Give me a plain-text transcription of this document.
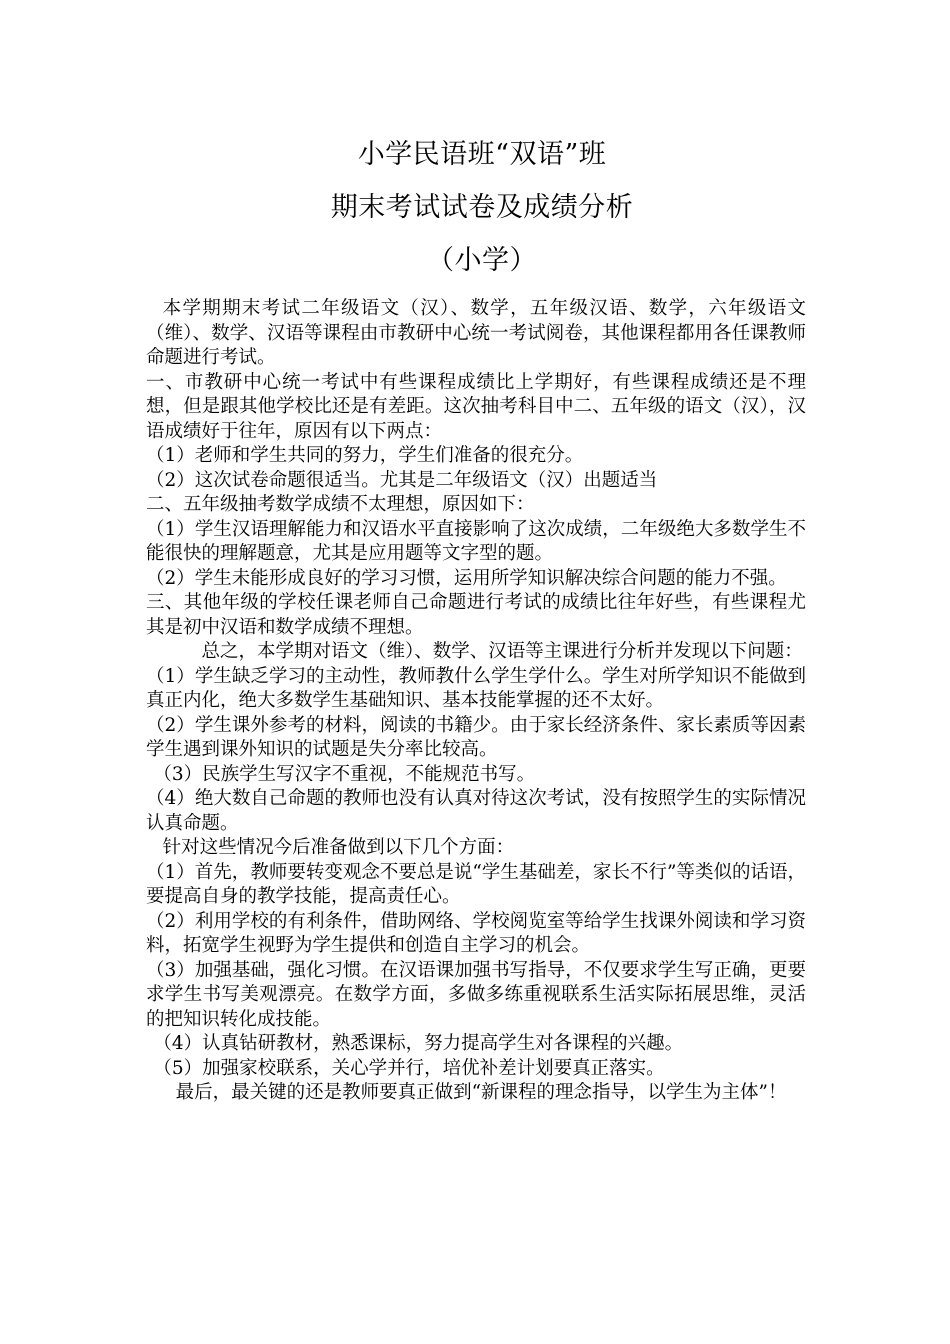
小学民语班“双语”班
期末考试试卷及成绩分析
（小学）

本学期期末考试二年级语文（汉）、数学，五年级汉语、数学，六年级语文（维）、数学、汉语等课程由市教研中心统一考试阅卷，其他课程都用各任课教师命题进行考试。

一、市教研中心统一考试中有些课程成绩比上学期好，有些课程成绩还是不理想，但是跟其他学校比还是有差距。这次抽考科目中二、五年级的语文（汉），汉语成绩好于往年，原因有以下两点：

（1）老师和学生共同的努力，学生们准备的很充分。

（2）这次试卷命题很适当。尤其是二年级语文（汉）出题适当

二、五年级抽考数学成绩不太理想，原因如下：

（1）学生汉语理解能力和汉语水平直接影响了这次成绩，二年级绝大多数学生不能很快的理解题意，尤其是应用题等文字型的题。

（2）学生未能形成良好的学习习惯，运用所学知识解决综合问题的能力不强。

三、其他年级的学校任课老师自己命题进行考试的成绩比往年好些，有些课程尤其是初中汉语和数学成绩不理想。

总之，本学期对语文（维）、数学、汉语等主课进行分析并发现以下问题：

（1）学生缺乏学习的主动性，教师教什么学生学什么。学生对所学知识不能做到真正内化，绝大多数学生基础知识、基本技能掌握的还不太好。

（2）学生课外参考的材料，阅读的书籍少。由于家长经济条件、家长素质等因素学生遇到课外知识的试题是失分率比较高。

（3）民族学生写汉字不重视，不能规范书写。

（4）绝大数自己命题的教师也没有认真对待这次考试，没有按照学生的实际情况认真命题。

针对这些情况今后准备做到以下几个方面：

（1）首先，教师要转变观念不要总是说“学生基础差，家长不行”等类似的话语，要提高自身的教学技能，提高责任心。

（2）利用学校的有利条件，借助网络、学校阅览室等给学生找课外阅读和学习资料，拓宽学生视野为学生提供和创造自主学习的机会。

（3）加强基础，强化习惯。在汉语课加强书写指导，不仅要求学生写正确，更要求学生书写美观漂亮。在数学方面，多做多练重视联系生活实际拓展思维，灵活的把知识转化成技能。

（4）认真钻研教材，熟悉课标，努力提高学生对各课程的兴趣。

（5）加强家校联系，关心学并行，培优补差计划要真正落实。

最后，最关键的还是教师要真正做到“新课程的理念指导，以学生为主体”！
